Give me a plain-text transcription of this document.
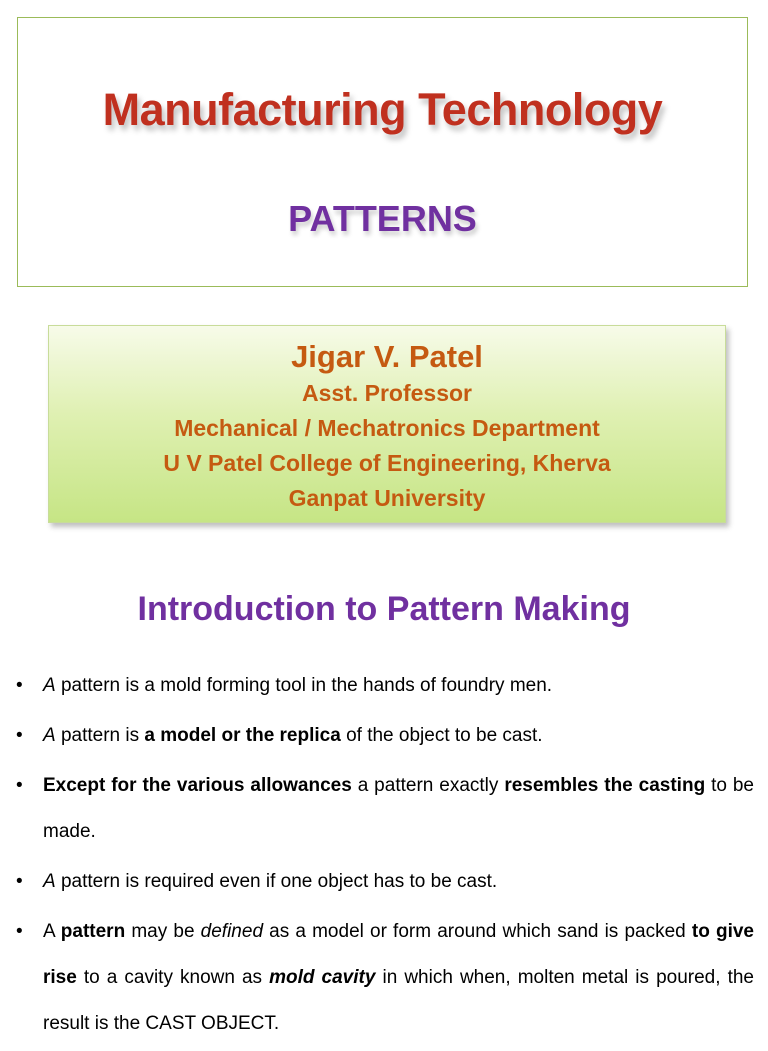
Manufacturing Technology
PATTERNS
Jigar V. Patel
Asst. Professor
Mechanical / Mechatronics Department
U V Patel College of Engineering, Kherva
Ganpat University
Introduction to Pattern Making
• A pattern is a mold forming tool in the hands of foundry men.
• A pattern is a model or the replica of the object to be cast.
• Except for the various allowances a pattern exactly resembles the casting to be made.
• A pattern is required even if one object has to be cast.
• A pattern may be defined as a model or form around which sand is packed to give rise to a cavity known as mold cavity in which when, molten metal is poured, the result is the CAST OBJECT.
